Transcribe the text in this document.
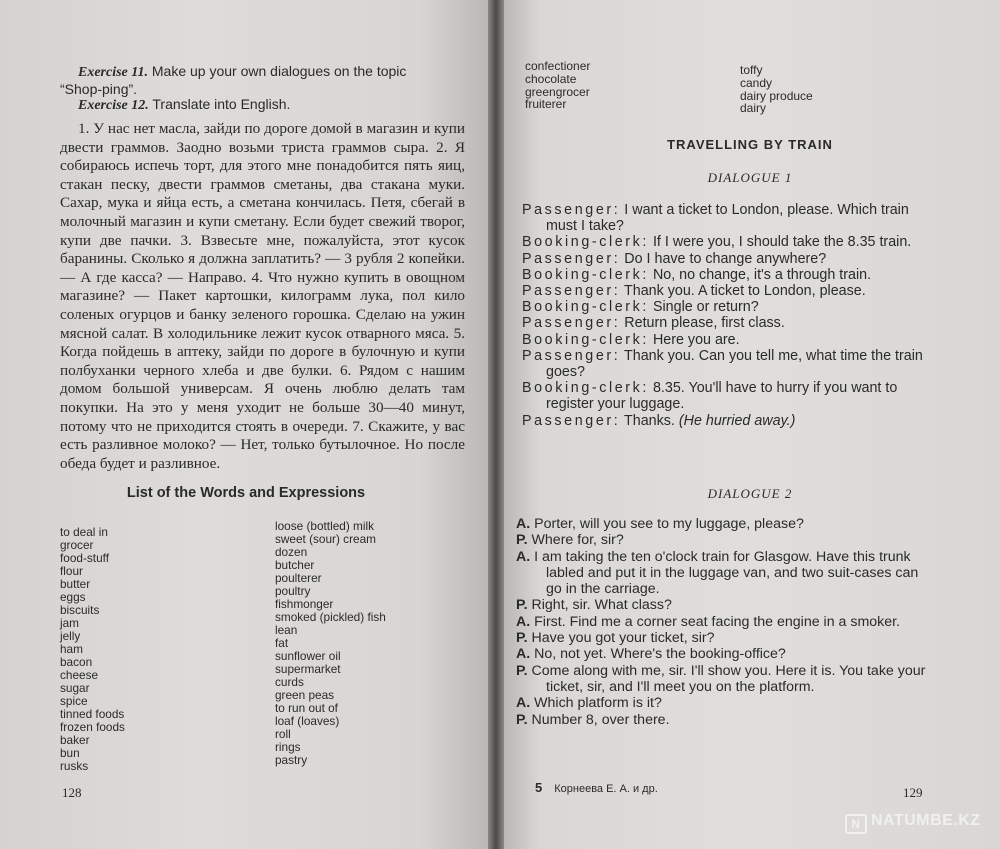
Exercise 11. Make up your own dialogues on the topic “Shop-ping”.
Exercise 12. Translate into English.

1. У нас нет масла, зайди по дороге домой в магазин и купи двести граммов. Заодно возьми триста граммов сыра. 2. Я собираюсь испечь торт, для этого мне понадобится пять яиц, стакан песку, двести граммов сметаны, два стакана муки. Сахар, мука и яйца есть, а сметана кончилась. Петя, сбегай в молочный магазин и купи сметану. Если будет свежий творог, купи две пачки. 3. Взвесьте мне, пожалуйста, этот кусок баранины. Сколько я должна заплатить? — 3 рубля 2 копейки. — А где касса? — Направо. 4. Что нужно купить в овощном магазине? — Пакет картошки, килограмм лука, пол кило соленых огурцов и банку зеленого горошка. Сделаю на ужин мясной салат. В холодильнике лежит кусок отварного мяса. 5. Когда пойдешь в аптеку, зайди по дороге в булочную и купи полбуханки черного хлеба и две булки. 6. Рядом с нашим домом большой универсам. Я очень люблю делать там покупки. На это у меня уходит не больше 30—40 минут, потому что не приходится стоять в очереди. 7. Скажите, у вас есть разливное молоко? — Нет, только бутылочное. Но после обеда будет и разливное.

List of the Words and Expressions
to deal in
grocer
food-stuff
flour
butter
eggs
biscuits
jam
jelly
ham
bacon
cheese
sugar
spice
tinned foods
frozen foods
baker
bun
rusks
loose (bottled) milk
sweet (sour) cream
dozen
butcher
poulterer
poultry
fishmonger
smoked (pickled) fish
lean
fat
sunflower oil
supermarket
curds
green peas
to run out of
loaf (loaves)
roll
rings
pastry
128
confectioner
chocolate
greengrocer
fruiterer
toffy
candy
dairy produce
dairy
TRAVELLING BY TRAIN
DIALOGUE 1
Passenger: I want a ticket to London, please. Which train must I take?
Booking-clerk: If I were you, I should take the 8.35 train.
Passenger: Do I have to change anywhere?
Booking-clerk: No, no change, it's a through train.
Passenger: Thank you. A ticket to London, please.
Booking-clerk: Single or return?
Passenger: Return please, first class.
Booking-clerk: Here you are.
Passenger: Thank you. Can you tell me, what time the train goes?
Booking-clerk: 8.35. You'll have to hurry if you want to register your luggage.
Passenger: Thanks. (He hurried away.)
DIALOGUE 2
A. Porter, will you see to my luggage, please?
P. Where for, sir?
A. I am taking the ten o'clock train for Glasgow. Have this trunk labled and put it in the luggage van, and two suit-cases can go in the carriage.
P. Right, sir. What class?
A. First. Find me a corner seat facing the engine in a smoker.
P. Have you got your ticket, sir?
A. No, not yet. Where's the booking-office?
P. Come along with me, sir. I'll show you. Here it is. You take your ticket, sir, and I'll meet you on the platform.
A. Which platform is it?
P. Number 8, over there.
5 Корнеева Е. А. и др.	129
N NATUMBE.KZ
